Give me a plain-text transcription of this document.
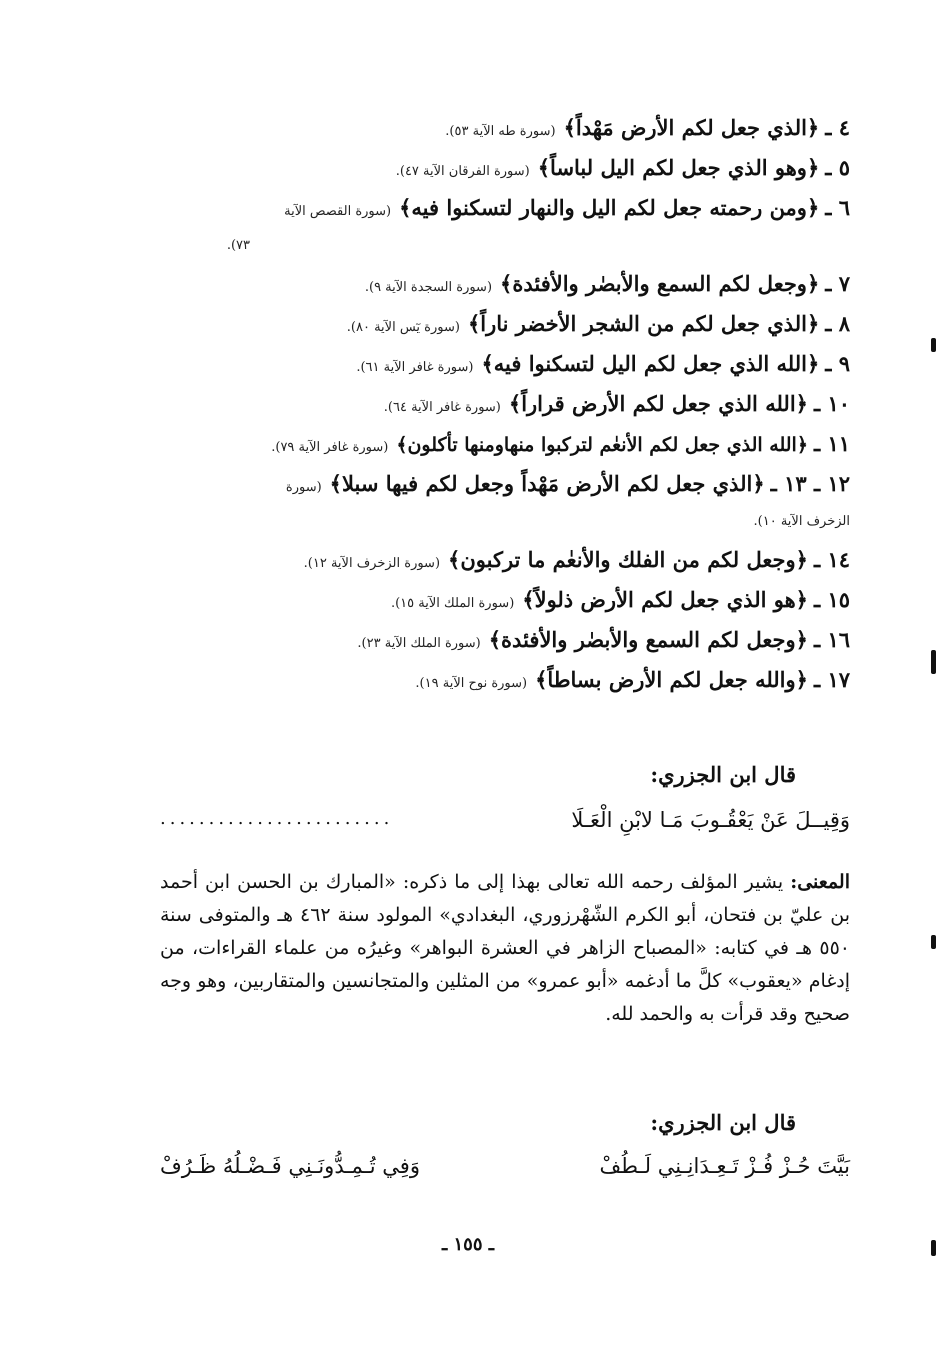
٤ ـ
﴿الذي جعل لكم الأرض مَهْداً﴾
(سورة طه الآية ٥٣).
٥ ـ
﴿وهو الذي جعل لكم اليل لباساً﴾
(سورة الفرقان الآية ٤٧).
٦ ـ
﴿ومن رحمته جعل لكم اليل والنهار لتسكنوا فيه﴾
(سورة القصص الآية
٧٣).
٧ ـ
﴿وجعل لكم السمع والأبصٰر والأفئدة﴾
(سورة السجدة الآية ٩).
٨ ـ
﴿الذي جعل لكم من الشجر الأخضر ناراً﴾
(سورة يٓس الآية ٨٠).
٩ ـ
﴿الله الذي جعل لكم اليل لتسكنوا فيه﴾
(سورة غافر الآية ٦١).
١٠ ـ
﴿الله الذي جعل لكم الأرض قراراً﴾
(سورة غافر الآية ٦٤).
١١ ـ
﴿الله الذي جعل لكم الأنعٰم لتركبوا منهاومنها تأكلون﴾
(سورة غافر الآية ٧٩).
١٢ ـ ١٣ ـ
﴿الذي جعل لكم الأرض مَهْداً وجعل لكم فيها سبلا﴾
(سورة
الزخرف الآية ١٠).
١٤ ـ
﴿وجعل لكم من الفلك والأنعٰم ما تركبون﴾
(سورة الزخرف الآية ١٢).
١٥ ـ
﴿هو الذي جعل لكم الأرض ذلولاً﴾
(سورة الملك الآية ١٥).
١٦ ـ
﴿وجعل لكم السمع والأبصٰر والأفئدة﴾
(سورة الملك الآية ٢٣).
١٧ ـ
﴿والله جعل لكم الأرض بساطاً﴾
(سورة نوح الآية ١٩).
قال ابن الجزري:
وَقِيــلَ عَنْ يَعْقُـوبَ مَـا لابْنِ الْعَـلَا
........................
المعنى: يشير المؤلف رحمه الله تعالى بهذا إلى ما ذكره: «المبارك بن الحسن ابن أحمد بن عليّ بن فتحان، أبو الكرم الشّهْرزوري، البغدادي» المولود سنة ٤٦٢ هـ والمتوفى سنة ٥٥٠ هـ في كتابه: «المصباح الزاهر في العشرة البواهر» وغيرُه من علماء القراءات، من إدغام «يعقوب» كلَّ ما أدغمه «أبو عمرو» من المثلين والمتجانسين والمتقاربين، وهو وجه صحيح وقد قرأت به والحمد لله.
قال ابن الجزري:
بَيَّتَ حُـزْ فُـزْ تَـعِـدَانِـنِي لَـطُفْ
وَفِي تُـمِـدُّونَـنِي فَـضْـلُهُ ظَـرُفْ
ـ ١٥٥ ـ
